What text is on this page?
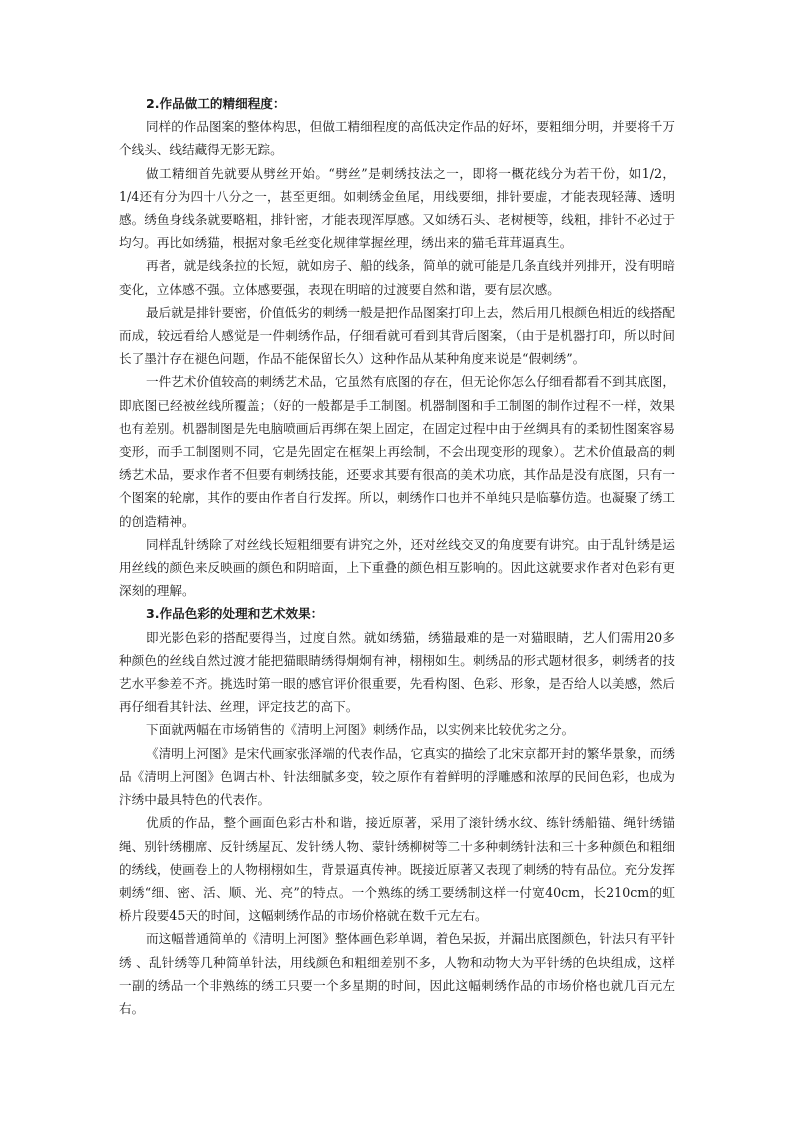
2.作品做工的精细程度：

同样的作品图案的整体构思，但做工精细程度的高低决定作品的好坏，要粗细分明，并要将千万个线头、线结藏得无影无踪。

做工精细首先就要从劈丝开始。“劈丝”是刺绣技法之一，即将一概花线分为若干份，如1/2，1/4还有分为四十八分之一，甚至更细。如刺绣金鱼尾，用线要细，排针要虚，才能表现轻薄、透明感。绣鱼身线条就要略粗，排针密，才能表现浑厚感。又如绣石头、老树梗等，线粗，排针不必过于均匀。再比如绣猫，根据对象毛丝变化规律掌握丝理，绣出来的猫毛茸茸逼真生。

再者，就是线条拉的长短，就如房子、船的线条，简单的就可能是几条直线并列排开，没有明暗变化，立体感不强。立体感要强，表现在明暗的过渡要自然和谐，要有层次感。

最后就是排针要密，价值低劣的刺绣一般是把作品图案打印上去，然后用几根颜色相近的线搭配而成，较远看给人感觉是一件刺绣作品，仔细看就可看到其背后图案，（由于是机器打印，所以时间长了墨汁存在褪色问题，作品不能保留长久）这种作品从某种角度来说是“假刺绣”。

一件艺术价值较高的刺绣艺术品，它虽然有底图的存在，但无论你怎么仔细看都看不到其底图，即底图已经被丝线所覆盖；（好的一般都是手工制图。机器制图和手工制图的制作过程不一样，效果也有差别。机器制图是先电脑喷画后再绑在架上固定，在固定过程中由于丝绸具有的柔韧性图案容易变形，而手工制图则不同，它是先固定在框架上再绘制，不会出现变形的现象）。艺术价值最高的刺绣艺术品，要求作者不但要有刺绣技能，还要求其要有很高的美术功底，其作品是没有底图，只有一个图案的轮廓，其作的要由作者自行发挥。所以，刺绣作口也并不单纯只是临摹仿造。也凝聚了绣工的创造精神。

同样乱针绣除了对丝线长短粗细要有讲究之外，还对丝线交叉的角度要有讲究。由于乱针绣是运用丝线的颜色来反映画的颜色和阴暗面，上下重叠的颜色相互影响的。因此这就要求作者对色彩有更深刻的理解。

3.作品色彩的处理和艺术效果：

即光影色彩的搭配要得当，过度自然。就如绣猫，绣猫最难的是一对猫眼睛，艺人们需用20多种颜色的丝线自然过渡才能把猫眼睛绣得炯炯有神，栩栩如生。刺绣品的形式题材很多，刺绣者的技艺水平参差不齐。挑选时第一眼的感官评价很重要，先看构图、色彩、形象，是否给人以美感，然后再仔细看其针法、丝理，评定技艺的高下。

下面就两幅在市场销售的《清明上河图》刺绣作品，以实例来比较优劣之分。

《清明上河图》是宋代画家张泽端的代表作品，它真实的描绘了北宋京都开封的繁华景象，而绣品《清明上河图》色调古朴、针法细腻多变，较之原作有着鲜明的浮雕感和浓厚的民间色彩，也成为汴绣中最具特色的代表作。

优质的作品，整个画面色彩古朴和谐，接近原著，采用了滚针绣水纹、练针绣船锚、绳针绣锚绳、别针绣棚席、反针绣屋瓦、发针绣人物、蒙针绣柳树等二十多种刺绣针法和三十多种颜色和粗细的绣线，使画卷上的人物栩栩如生，背景逼真传神。既接近原著又表现了刺绣的特有品位。充分发挥刺绣“细、密、活、顺、光、亮”的特点。一个熟练的绣工要绣制这样一付宽40cm，长210cm的虹桥片段要45天的时间，这幅刺绣作品的市场价格就在数千元左右。

而这幅普通简单的《清明上河图》整体画色彩单调，着色呆扳，并漏出底图颜色，针法只有平针绣 、乱针绣等几种简单针法，用线颜色和粗细差别不多，人物和动物大为平针绣的色块组成，这样一副的绣品一个非熟练的绣工只要一个多星期的时间，因此这幅刺绣作品的市场价格也就几百元左右。
